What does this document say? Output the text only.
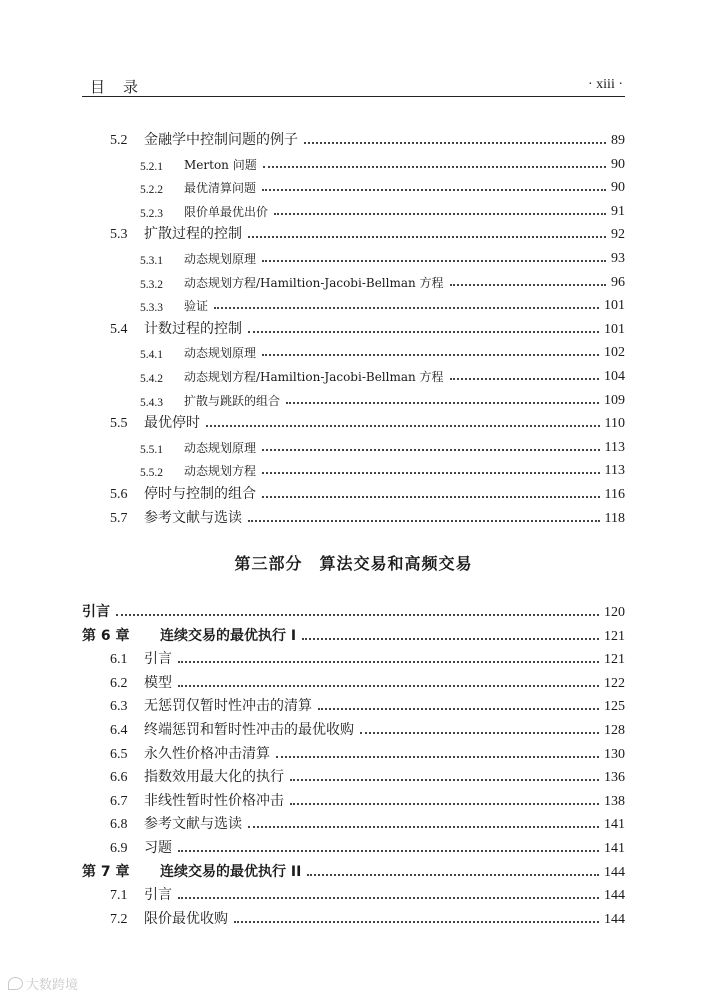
目录	· xiii ·
5.2	金融学中控制问题的例子	89
5.2.1	Merton 问题	90
5.2.2	最优清算问题	90
5.2.3	限价单最优出价	91
5.3	扩散过程的控制	92
5.3.1	动态规划原理	93
5.3.2	动态规划方程/Hamiltion-Jacobi-Bellman 方程	96
5.3.3	验证	101
5.4	计数过程的控制	101
5.4.1	动态规划原理	102
5.4.2	动态规划方程/Hamiltion-Jacobi-Bellman 方程	104
5.4.3	扩散与跳跃的组合	109
5.5	最优停时	110
5.5.1	动态规划原理	113
5.5.2	动态规划方程	113
5.6	停时与控制的组合	116
5.7	参考文献与选读	118
引言	120
第 6 章	连续交易的最优执行 I	121
6.1	引言	121
6.2	模型	122
6.3	无惩罚仅暂时性冲击的清算	125
6.4	终端惩罚和暂时性冲击的最优收购	128
6.5	永久性价格冲击清算	130
6.6	指数效用最大化的执行	136
6.7	非线性暂时性价格冲击	138
6.8	参考文献与选读	141
6.9	习题	141
第 7 章	连续交易的最优执行 II	144
7.1	引言	144
7.2	限价最优收购	144
第三部分　算法交易和高频交易
大数跨境
